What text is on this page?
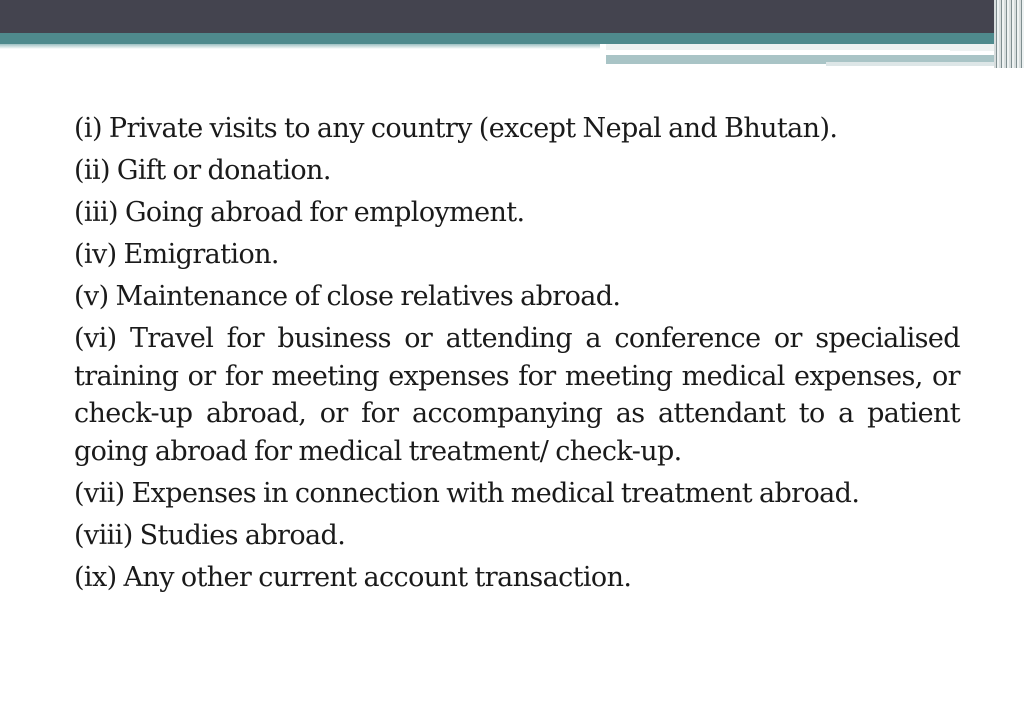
(i) Private visits to any country (except Nepal and Bhutan).
(ii) Gift or donation.
(iii) Going abroad for employment.
(iv) Emigration.
(v) Maintenance of close relatives abroad.
(vi) Travel for business or attending a conference or specialised training or for meeting expenses for meeting medical expenses, or check-up abroad, or for accompanying as attendant to a patient going abroad for medical treatment/ check-up.
(vii) Expenses in connection with medical treatment abroad.
(viii) Studies abroad.
(ix) Any other current account transaction.
